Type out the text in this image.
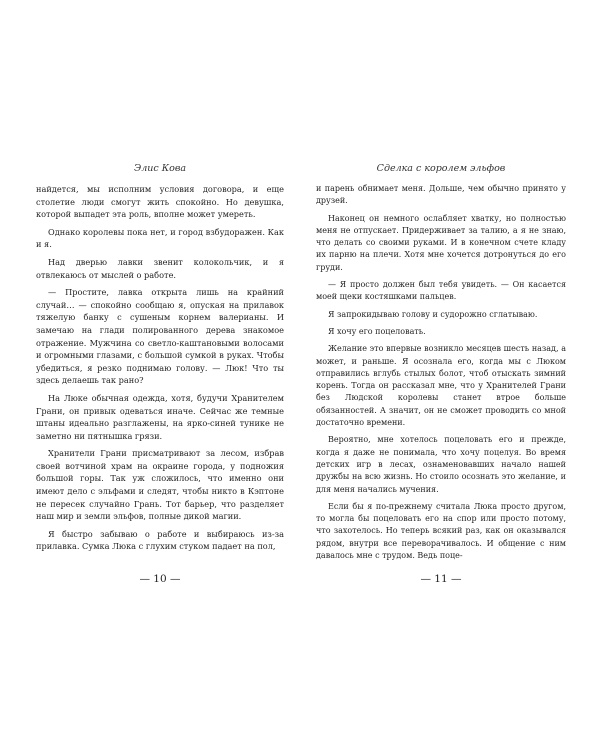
Элис Кова

найдется, мы исполним условия договора, и еще столетие люди смогут жить спокойно. Но девушка, которой выпадет эта роль, вполне может умереть.

Однако королевы пока нет, и город взбудоражен. Как и я.

Над дверью лавки звенит колокольчик, и я отвлекаюсь от мыслей о работе.

— Простите, лавка открыта лишь на крайний случай… — спокойно сообщаю я, опуская на прилавок тяжелую банку с сушеным корнем валерианы. И замечаю на глади полированного дерева знакомое отражение. Мужчина со светло-каштановыми волосами и огромными глазами, с большой сумкой в руках. Чтобы убедиться, я резко поднимаю голову. — Люк! Что ты здесь делаешь так рано?

На Люке обычная одежда, хотя, будучи Хранителем Грани, он привык одеваться иначе. Сейчас же темные штаны идеально разглажены, на ярко-синей тунике не заметно ни пятнышка грязи.

Хранители Грани присматривают за лесом, избрав своей вотчиной храм на окраине города, у подножия большой горы. Так уж сложилось, что именно они имеют дело с эльфами и следят, чтобы никто в Кэптоне не пересек случайно Грань. Тот барьер, что разделяет наш мир и земли эльфов, полные дикой магии.

Я быстро забываю о работе и выбираюсь из-за прилавка. Сумка Люка с глухим стуком падает на пол,

— 10 —
Сделка с королем эльфов

и парень обнимает меня. Дольше, чем обычно принято у друзей.

Наконец он немного ослабляет хватку, но полностью меня не отпускает. Придерживает за талию, а я не знаю, что делать со своими руками. И в конечном счете кладу их парню на плечи. Хотя мне хочется дотронуться до его груди.

— Я просто должен был тебя увидеть. — Он касается моей щеки костяшками пальцев.

Я запрокидываю голову и судорожно сглатываю.

Я хочу его поцеловать.

Желание это впервые возникло месяцев шесть назад, а может, и раньше. Я осознала его, когда мы с Люком отправились вглубь стылых болот, чтоб отыскать зимний корень. Тогда он рассказал мне, что у Хранителей Грани без Людской королевы станет втрое больше обязанностей. А значит, он не сможет проводить со мной достаточно времени.

Вероятно, мне хотелось поцеловать его и прежде, когда я даже не понимала, что хочу поцелуя. Во время детских игр в лесах, ознаменовавших начало нашей дружбы на всю жизнь. Но стоило осознать это желание, и для меня начались мучения.

Если бы я по-прежнему считала Люка просто другом, то могла бы поцеловать его на спор или просто потому, что захотелось. Но теперь всякий раз, как он оказывался рядом, внутри все переворачивалось. И общение с ним давалось мне с трудом. Ведь поце-

— 11 —
